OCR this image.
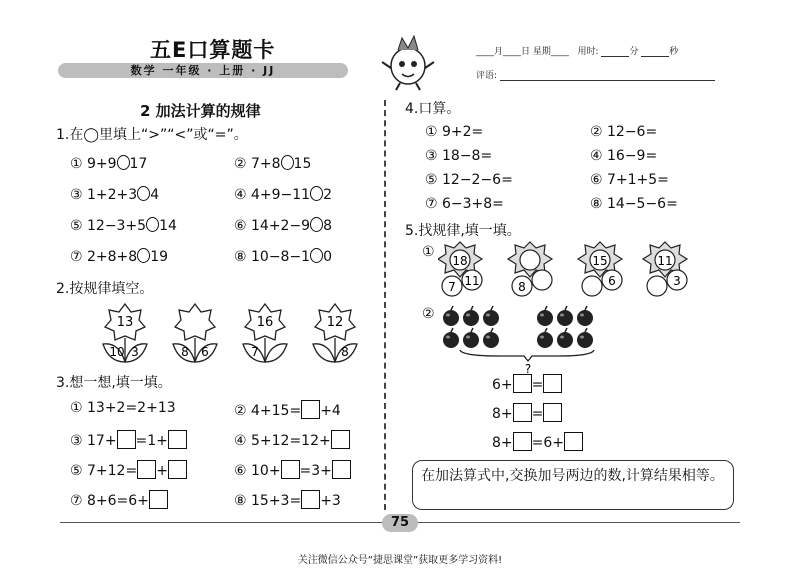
五E口算题卡
数学 一年级 · 上册 · JJ
____月____日 星期____ 用时:	分	秒
评语:
2 加法计算的规律
1.在◯里填上“>”“<”或“=”。
① 9+9 17	② 7+8 15
③ 1+2+3 4	④ 4+9−11 2
⑤ 12−3+5 14	⑥ 14+2−9 8
⑦ 2+8+8 19	⑧ 10−8−1 0
2.按规律填空。
13
10 3	8 6
16
7
12
8
3.想一想,填一填。
① 13+2=2+13	② 4+15= +4
③ 17+ =1+	④ 5+12=12+
⑤ 7+12= +	⑥ 10+ =3+
⑦ 8+6=6+	⑧ 15+3= +3
4.口算。
① 9+2=	② 12−6=
③ 18−8=	④ 16−9=
⑤ 12−2−6=	⑥ 7+1+5=
⑦ 6−3+8=	⑧ 14−5−6=
5.找规律,填一填。
①
18
7 11	8
15
6
11
3
②
?
6+ =
8+ =
8+ =6+
在加法算式中,交换加号两边的数,计算结果相等。
75
关注微信公众号“捷思课堂”获取更多学习资料!
